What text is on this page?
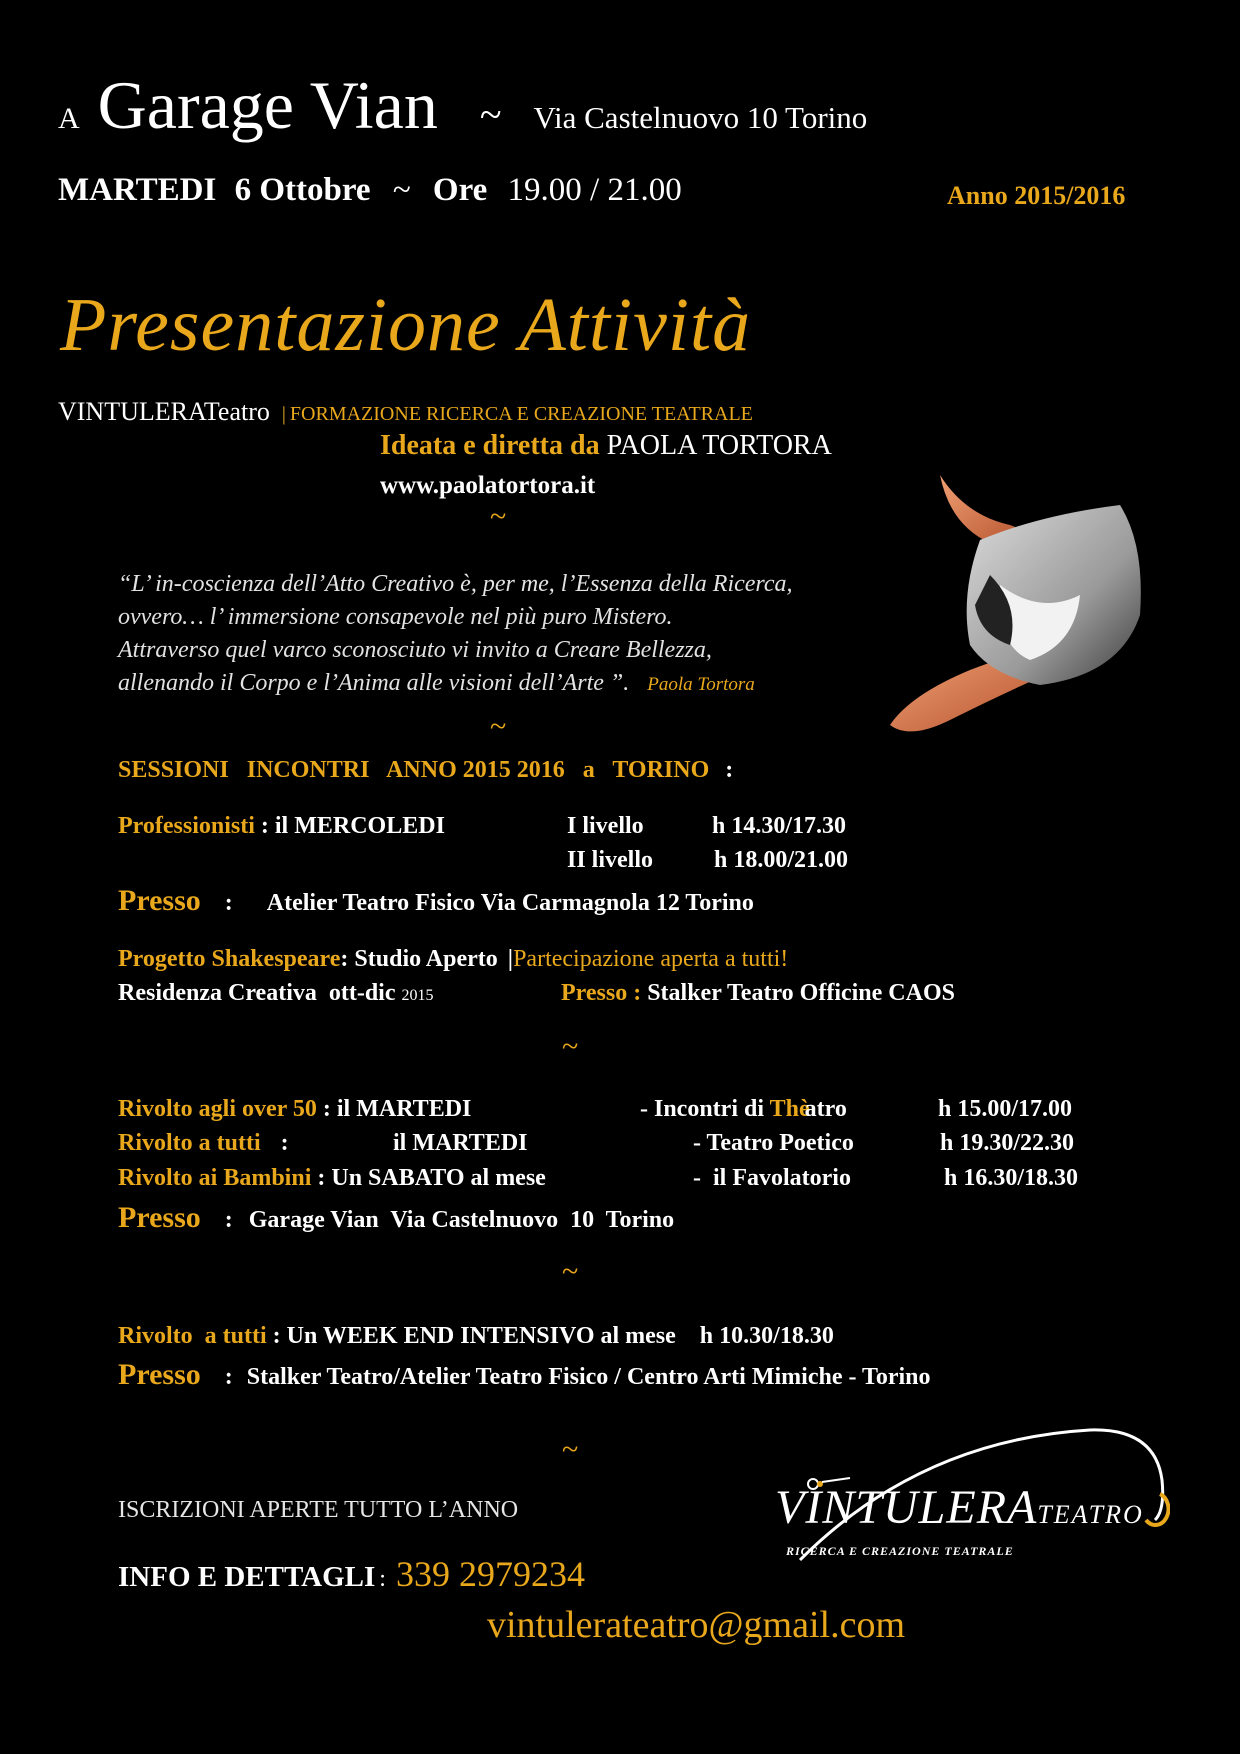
A Garage Vian ~ Via Castelnuovo 10 Torino
MARTEDI 6 Ottobre ~ Ore 19.00 / 21.00	Anno 2015/2016
Presentazione Attività
VINTULERATeatro | FORMAZIONE RICERCA E CREAZIONE TEATRALE
Ideata e diretta da PAOLA TORTORA
www.paolatortora.it
~
“L’ in-coscienza dell’Atto Creativo è, per me, l’Essenza della Ricerca,
ovvero… l’ immersione consapevole nel più puro Mistero.
Attraverso quel varco sconosciuto vi invito a Creare Bellezza,
allenando il Corpo e l’Anima alle visioni dell’Arte ”. Paola Tortora
~
SESSIONI   INCONTRI   ANNO 2015 2016   a   TORINO :
Professionisti : il MERCOLEDI	I livello	h 14.30/17.30
II livello	h 18.00/21.00
Presso : Atelier Teatro Fisico Via Carmagnola 12 Torino
Progetto Shakespeare: Studio Aperto |Partecipazione aperta a tutti!
Residenza Creativa  ott-dic 2015	Presso : Stalker Teatro Officine CAOS
~
Rivolto agli over 50 : il MARTEDI	- Incontri di Thèatro	h 15.00/17.00
Rivolto a tutti :	il MARTEDI	- Teatro Poetico	h 19.30/22.30
Rivolto ai Bambini : Un SABATO al mese	-  il Favolatorio	h 16.30/18.30
Presso : Garage Vian  Via Castelnuovo  10  Torino
~
Rivolto  a tutti : Un WEEK END INTENSIVO al mese h 10.30/18.30
Presso : Stalker Teatro/Atelier Teatro Fisico / Centro Arti Mimiche - Torino
~
ISCRIZIONI APERTE TUTTO L’ANNO
INFO E DETTAGLI : 339 2979234
vintulerateatro@gmail.com
VINTULERATEATRO
RICERCA E CREAZIONE TEATRALE
